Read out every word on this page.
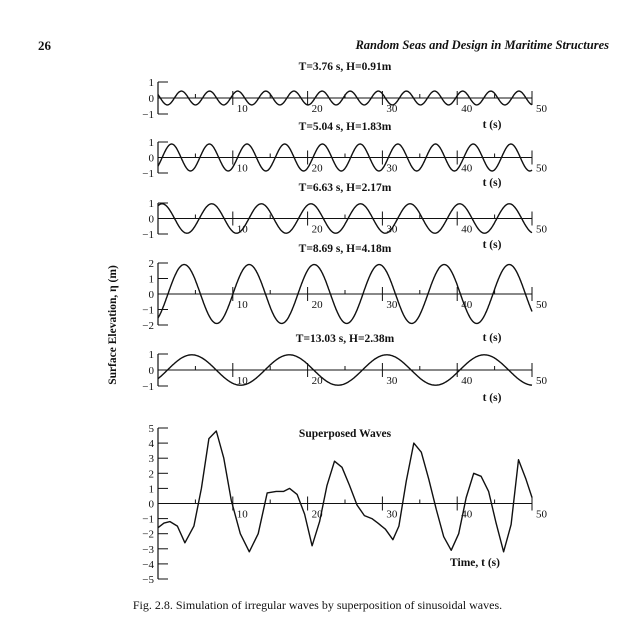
26	Random Seas and Design in Maritime Structures
1
0
−1	10	20	30	40	50
T=3.76 s, H=0.91m
t (s)
1
0
−1	10	20	30	40	50
T=5.04 s, H=1.83m
t (s)
1
0
−1	10	20	30	40	50
T=6.63 s, H=2.17m
t (s)
2
1
0
−1
−2
10	20	30	40	50
T=8.69 s, H=4.18m
t (s)
1
0
−1	10	20	30	40	50
T=13.03 s, H=2.38m
t (s)
5
4
3
2
1
0
−1
−2
−3
−4
−5
10	20	30	40	50
Superposed Waves
Time, t (s)
Surface Elevation, η (m)
Fig. 2.8. Simulation of irregular waves by superposition of sinusoidal waves.
